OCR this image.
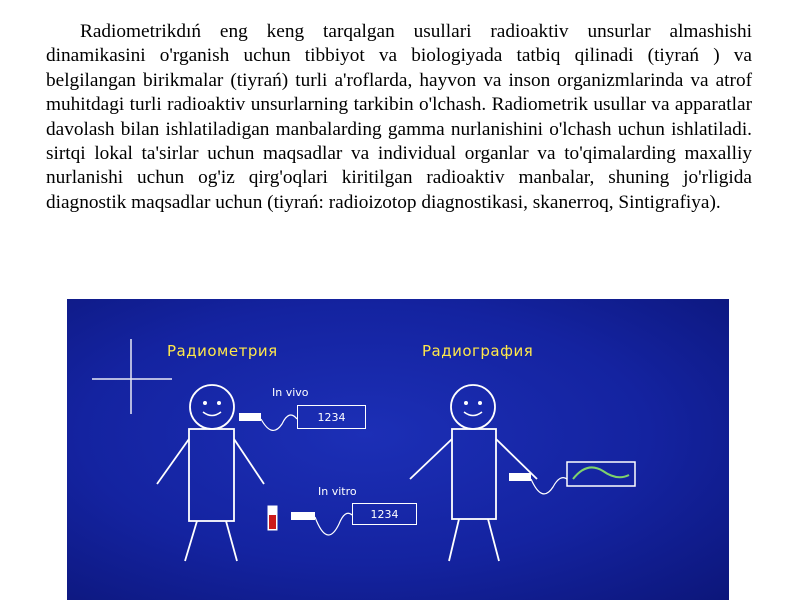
Radiometrikdıń eng keng tarqalgan usullari radioaktiv unsurlar almashishi dinamikasini o'rganish uchun tibbiyot va biologiyada tatbiq qilinadi (tiyrań ) va belgilangan birikmalar (tiyrań) turli a'roflarda, hayvon va inson organizmlarinda va atrof muhitdagi turli radioaktiv unsurlarning tarkibin o'lchash. Radiometrik usullar va apparatlar davolash bilan ishlatiladigan manbalarding gamma nurlanishini o'lchash uchun ishlatiladi. sirtqi lokal ta'sirlar uchun maqsadlar va individual organlar va to'qimalarding maxalliy nurlanishi uchun og'iz qirg'oqlari kiritilgan radioaktiv manbalar, shuning jo'rligida diagnostik maqsadlar uchun (tiyrań: radioizotop diagnostikasi, skanerroq, Sintigrafiya).

Радиометрия	Радиография
In vivo
In vitro
1234
1234
